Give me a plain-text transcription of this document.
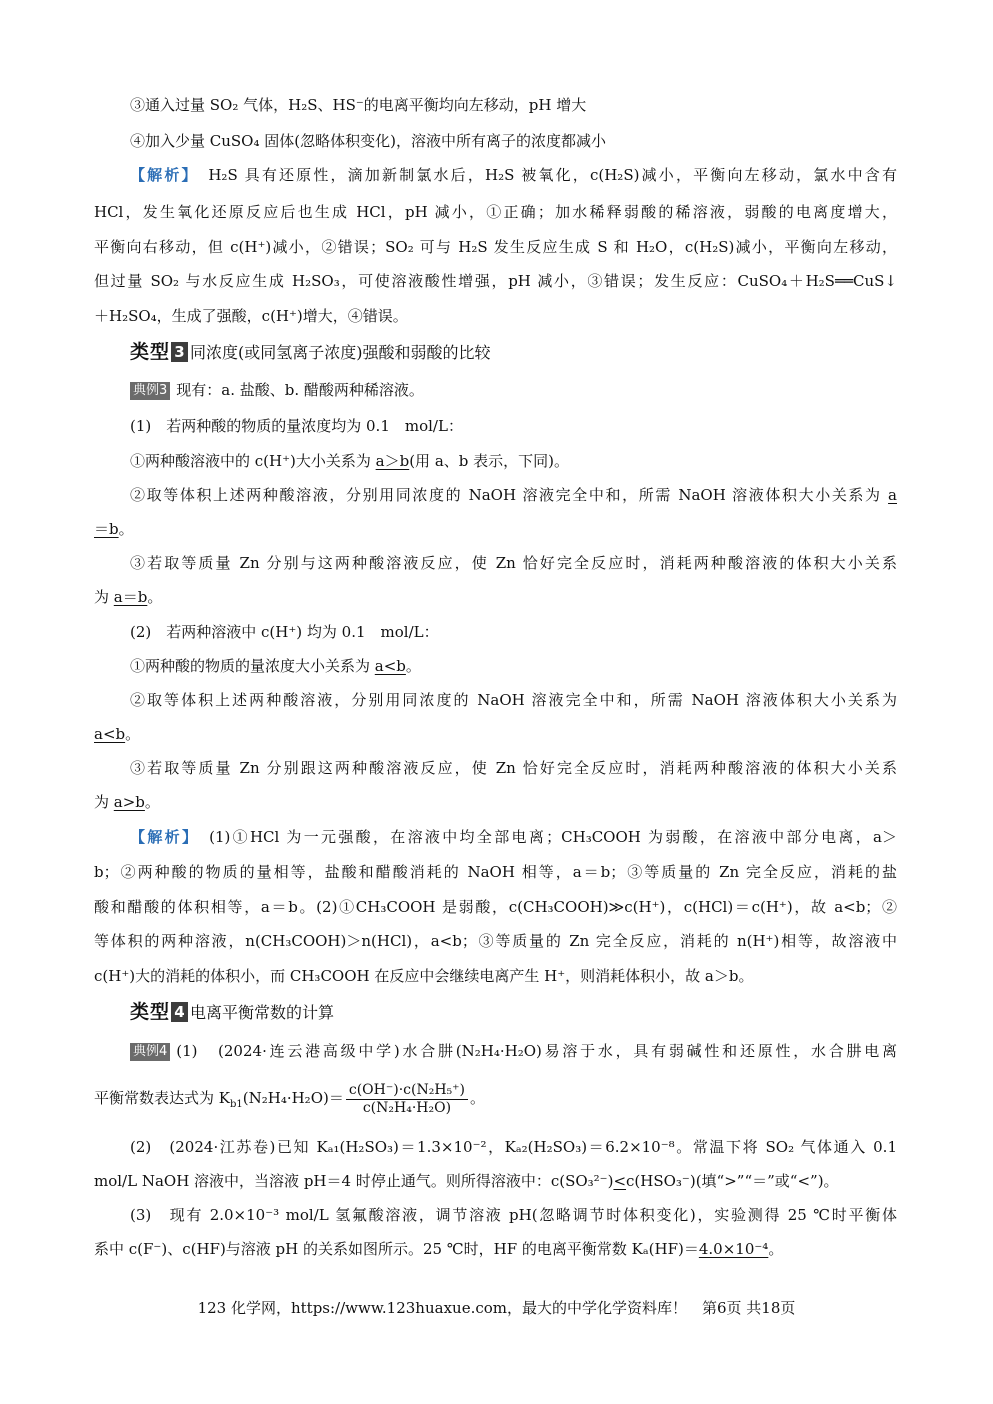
③通入过量 SO₂ 气体，H₂S、HS⁻的电离平衡均向左移动，pH 增大
④加入少量 CuSO₄ 固体(忽略体积变化)，溶液中所有离子的浓度都减小
【解析】　 H₂S 具有还原性，滴加新制氯水后，H₂S 被氧化，c(H₂S)减小，平衡向左移动，氯水中含有
HCl，发生氧化还原反应后也生成 HCl，pH 减小，①正确；加水稀释弱酸的稀溶液，弱酸的电离度增大，
平衡向右移动，但 c(H⁺)减小，②错误；SO₂ 可与 H₂S 发生反应生成 S 和 H₂O，c(H₂S)减小，平衡向左移动，
但过量 SO₂ 与水反应生成 H₂SO₃，可使溶液酸性增强，pH 减小，③错误；发生反应：CuSO₄＋H₂S══CuS↓
＋H₂SO₄，生成了强酸，c(H⁺)增大，④错误。
类型 3 同浓度(或同氢离子浓度)强酸和弱酸的比较
典例3 现有：a. 盐酸、b. 醋酸两种稀溶液。
(1)　若两种酸的物质的量浓度均为 0.1　mol/L：
①两种酸溶液中的 c(H⁺)大小关系为 a＞b(用 a、b 表示，下同)。
②取等体积上述两种酸溶液，分别用同浓度的 NaOH 溶液完全中和，所需 NaOH 溶液体积大小关系为 a
＝b。
③若取等质量 Zn 分别与这两种酸溶液反应，使 Zn 恰好完全反应时，消耗两种酸溶液的体积大小关系
为 a＝b。
(2)　若两种溶液中 c(H⁺) 均为 0.1　mol/L：
①两种酸的物质的量浓度大小关系为 a<b。
②取等体积上述两种酸溶液，分别用同浓度的 NaOH 溶液完全中和，所需 NaOH 溶液体积大小关系为
a<b。
③若取等质量 Zn 分别跟这两种酸溶液反应，使 Zn 恰好完全反应时，消耗两种酸溶液的体积大小关系
为 a>b。
【解析】　 (1)①HCl 为一元强酸，在溶液中均全部电离；CH₃COOH 为弱酸，在溶液中部分电离，a＞
b；②两种酸的物质的量相等，盐酸和醋酸消耗的 NaOH 相等，a＝b；③等质量的 Zn 完全反应，消耗的盐
酸和醋酸的体积相等，a＝b。(2)①CH₃COOH 是弱酸，c(CH₃COOH)≫c(H⁺)，c(HCl)＝c(H⁺)，故 a<b；②
等体积的两种溶液，n(CH₃COOH)＞n(HCl)，a<b；③等质量的 Zn 完全反应，消耗的 n(H⁺)相等，故溶液中
c(H⁺)大的消耗的体积小，而 CH₃COOH 在反应中会继续电离产生 H⁺，则消耗体积小，故 a＞b。
类型 4 电离平衡常数的计算
典例4 (1)　(2024·连云港高级中学)水合肼(N₂H₄·H₂O)易溶于水，具有弱碱性和还原性，水合肼电离
平衡常数表达式为 $K_{b1}(N_2H_4\cdot H_2O)= \frac{\text{c(OH⁻)·c(N₂H₅⁺)}}{\text{c(N₂H₄·H₂O)}}$ 。
(2)　(2024·江苏卷)已知 Kₐ₁(H₂SO₃)＝1.3×10⁻²，Kₐ₂(H₂SO₃)＝6.2×10⁻⁸。常温下将 SO₂ 气体通入 0.1
mol/L NaOH 溶液中，当溶液 pH＝4 时停止通气。则所得溶液中：c(SO₃²⁻)<c(HSO₃⁻)(填“>”“＝”或“<”)。
(3)　现有 2.0×10⁻³ mol/L 氢氟酸溶液，调节溶液 pH(忽略调节时体积变化)，实验测得 25 ℃时平衡体
系中 c(F⁻)、c(HF)与溶液 pH 的关系如图所示。25 ℃时，HF 的电离平衡常数 Kₐ(HF)＝4.0×10⁻⁴。
123 化学网，https://www.123huaxue.com，最大的中学化学资料库！　第6页 共18页
